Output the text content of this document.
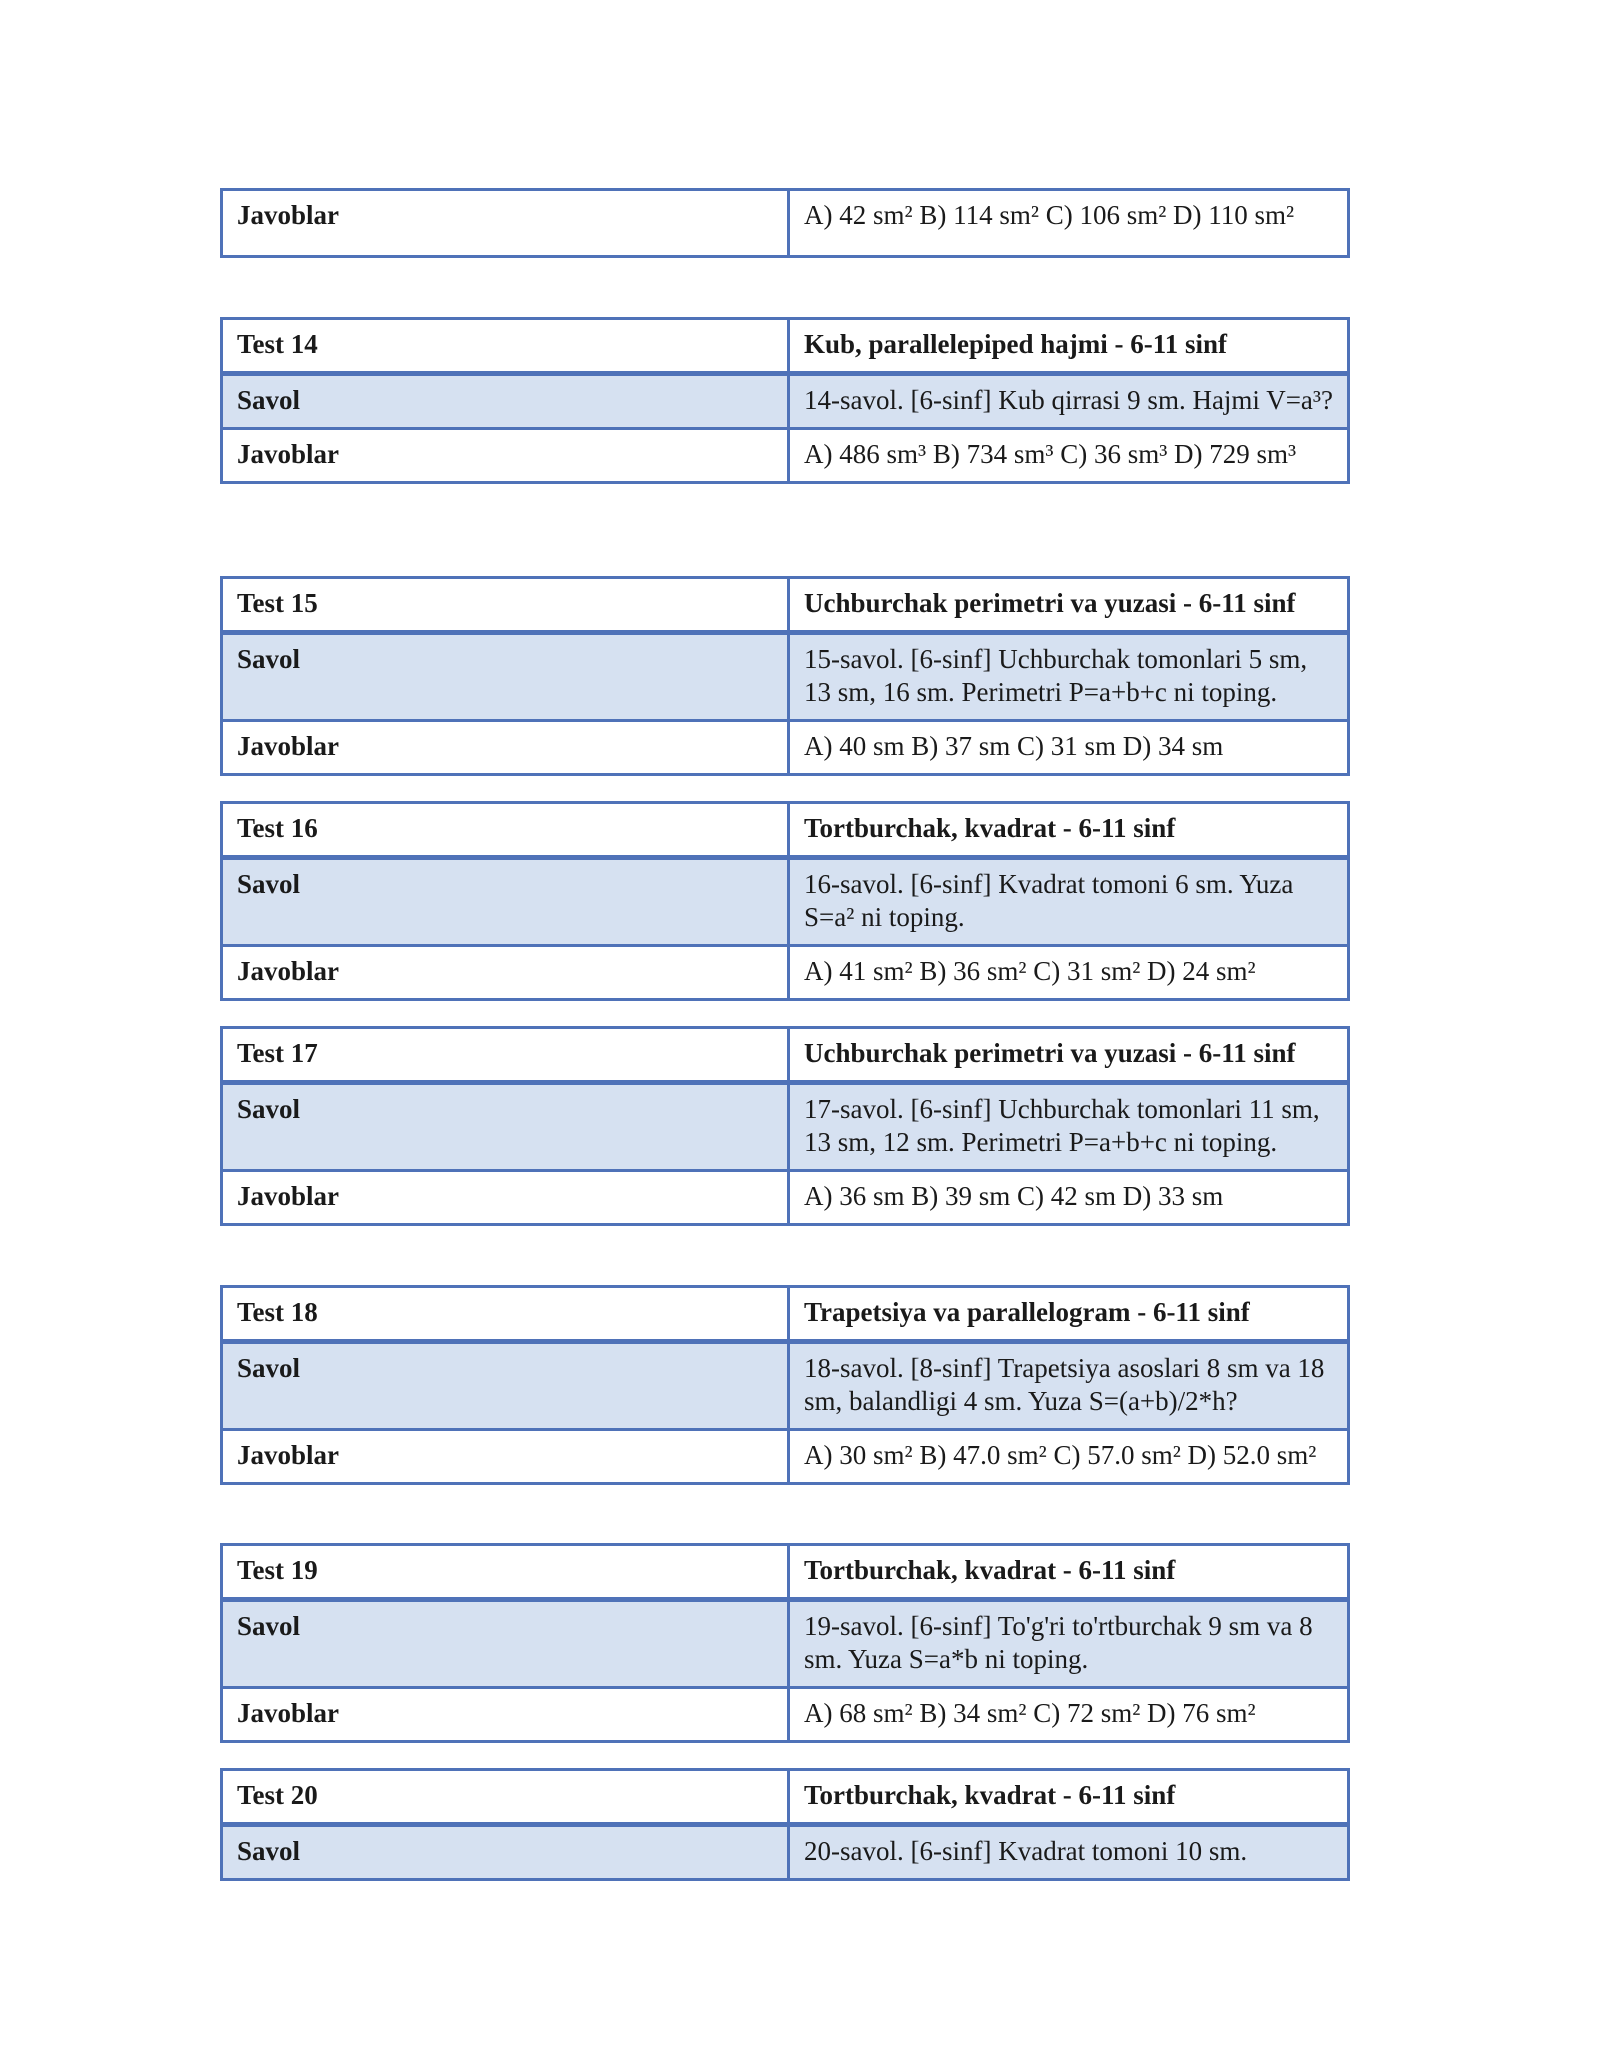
Javoblar	A) 42 sm² B) 114 sm² C) 106 sm² D) 110 sm²
Test 14	Kub, parallelepiped hajmi - 6-11 sinf
Savol	14-savol. [6-sinf] Kub qirrasi 9 sm. Hajmi V=a³?
Javoblar	A) 486 sm³ B) 734 sm³ C) 36 sm³ D) 729 sm³
Test 15	Uchburchak perimetri va yuzasi - 6-11 sinf
Savol	15-savol. [6-sinf] Uchburchak tomonlari 5 sm, 13 sm, 16 sm. Perimetri P=a+b+c ni toping.
Javoblar	A) 40 sm B) 37 sm C) 31 sm D) 34 sm
Test 16	Tortburchak, kvadrat - 6-11 sinf
Savol	16-savol. [6-sinf] Kvadrat tomoni 6 sm. Yuza S=a² ni toping.
Javoblar	A) 41 sm² B) 36 sm² C) 31 sm² D) 24 sm²
Test 17	Uchburchak perimetri va yuzasi - 6-11 sinf
Savol	17-savol. [6-sinf] Uchburchak tomonlari 11 sm, 13 sm, 12 sm. Perimetri P=a+b+c ni toping.
Javoblar	A) 36 sm B) 39 sm C) 42 sm D) 33 sm
Test 18	Trapetsiya va parallelogram - 6-11 sinf
Savol	18-savol. [8-sinf] Trapetsiya asoslari 8 sm va 18 sm, balandligi 4 sm. Yuza S=(a+b)/2*h?
Javoblar	A) 30 sm² B) 47.0 sm² C) 57.0 sm² D) 52.0 sm²
Test 19	Tortburchak, kvadrat - 6-11 sinf
Savol	19-savol. [6-sinf] To'g'ri to'rtburchak 9 sm va 8 sm. Yuza S=a*b ni toping.
Javoblar	A) 68 sm² B) 34 sm² C) 72 sm² D) 76 sm²
Test 20	Tortburchak, kvadrat - 6-11 sinf
Savol	20-savol. [6-sinf] Kvadrat tomoni 10 sm.
